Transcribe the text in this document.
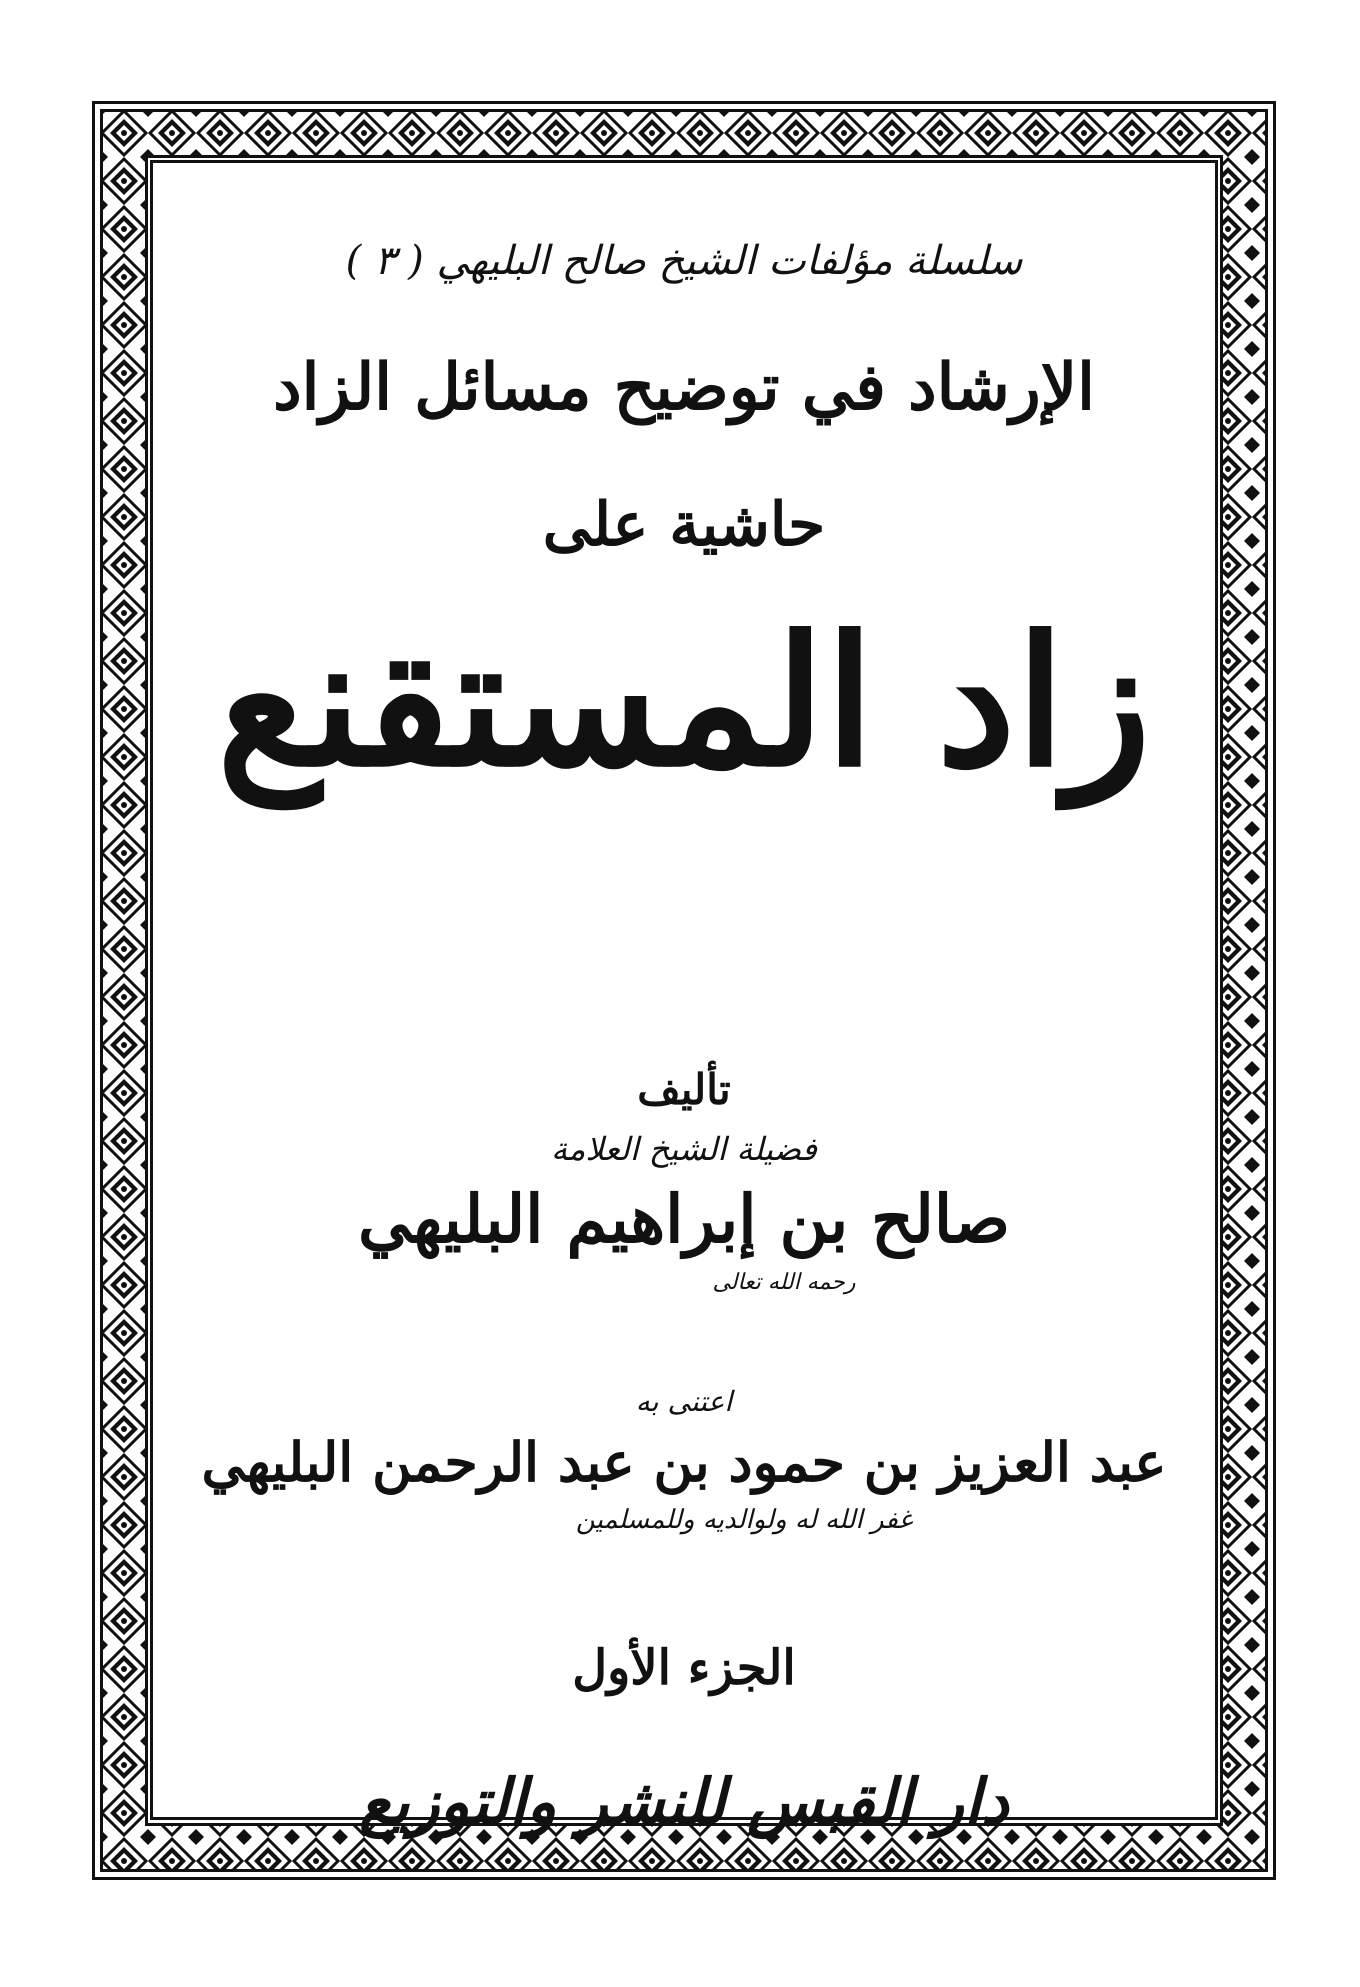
سلسلة مؤلفات الشيخ صالح البليهي ( ٣ )

الإرشاد في توضيح مسائل الزاد

حاشية على

زاد المستقنع

تأليف

فضيلة الشيخ العلامة

صالح بن إبراهيم البليهي

رحمه الله تعالى

اعتنى به

عبد العزيز بن حمود بن عبد الرحمن البليهي

غفر الله له ولوالديه وللمسلمين

الجزء الأول

دار القبس للنشر والتوزيع
